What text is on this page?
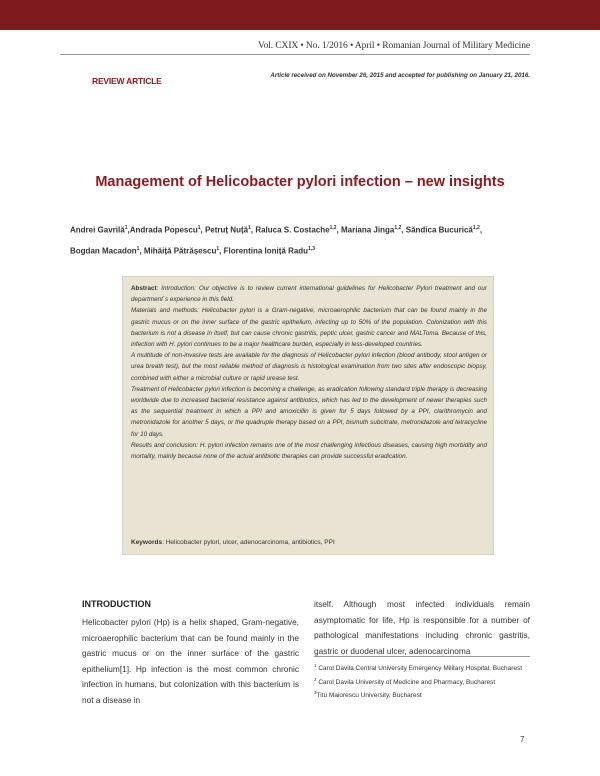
Vol. CXIX • No. 1/2016 • April • Romanian Journal of Military Medicine
REVIEW ARTICLE
Article received on November 26, 2015 and accepted for publishing on January 21, 2016.
Management of Helicobacter pylori infection – new insights
Andrei Gavrilă$^1$,Andrada Popescu$^1$, Petruț Nuță$^1$, Raluca S. Costache$^{1,2}$, Mariana Jinga$^{1,2}$, Săndica Bucurică$^{1,2}$,
Bogdan Macadon$^1$, Mihăiță Pătrășescu$^1$, Florentina Ioniță Radu$^{1,3}$

Abstract: Introduction: Our objective is to review current international guidelines for Helicobacter Pylori treatment and our department`s experience in this field.

Materials and methods: Helicobacter pylori is a Gram-negative, microaerophilic bacterium that can be found mainly in the gastric mucus or on the inner surface of the gastric epithelium, infecting up to 50% of the population. Colonization with this bacterium is not a disease in itself, but can cause chronic gastritis, peptic ulcer, gastric cancer and MALToma. Because of this, infection with H. pylori continues to be a major healthcare burden, especially in less-developed countries.

A multitude of non-invasive tests are available for the diagnosis of Helicobacter pylori infection (blood antibody, stool antigen or urea breath test), but the most reliable method of diagnosis is histological examination from two sites after endoscopic biopsy, combined with either a microbial culture or rapid urease test.

Treatment of Helicobacter pylori infection is becoming a challenge, as eradication following standard triple therapy is decreasing worldwide due to increased bacterial resistance against antibiotics, which has led to the development of newer therapies such as the sequential treatment in which a PPI and amoxicillin is given for 5 days followed by a PPI, clarithromycin and metronidazole for another 5 days, or the quadruple therapy based on a PPI, bismuth subcitrate, metronidazole and tetracycline for 10 days.

Results and conclusion: H. pylori infection remains one of the most challenging infectious diseases, causing high morbidity and mortality, mainly because none of the actual antibiotic therapies can provide successful eradication.

Keywords: Helicobacter pylori, ulcer, adenocarcinoma, antibiotics, PPI
INTRODUCTION
Helicobacter pylori (Hp) is a helix shaped, Gram-negative, microaerophilic bacterium that can be found mainly in the gastric mucus or on the inner surface of the gastric epithelium[1]. Hp infection is the most common chronic infection in humans, but colonization with this bacterium is not a disease in
itself. Although most infected individuals remain asymptomatic for life, Hp is responsible for a number of pathological manifestations including chronic gastritis, gastric or duodenal ulcer, adenocarcinoma
$^1$ Carol Davila Central University Emergency Military Hospital, Bucharest
$^2$ Carol Davila University of Medicine and Pharmacy, Bucharest
$^3$Titu Maiorescu University, Bucharest
7
